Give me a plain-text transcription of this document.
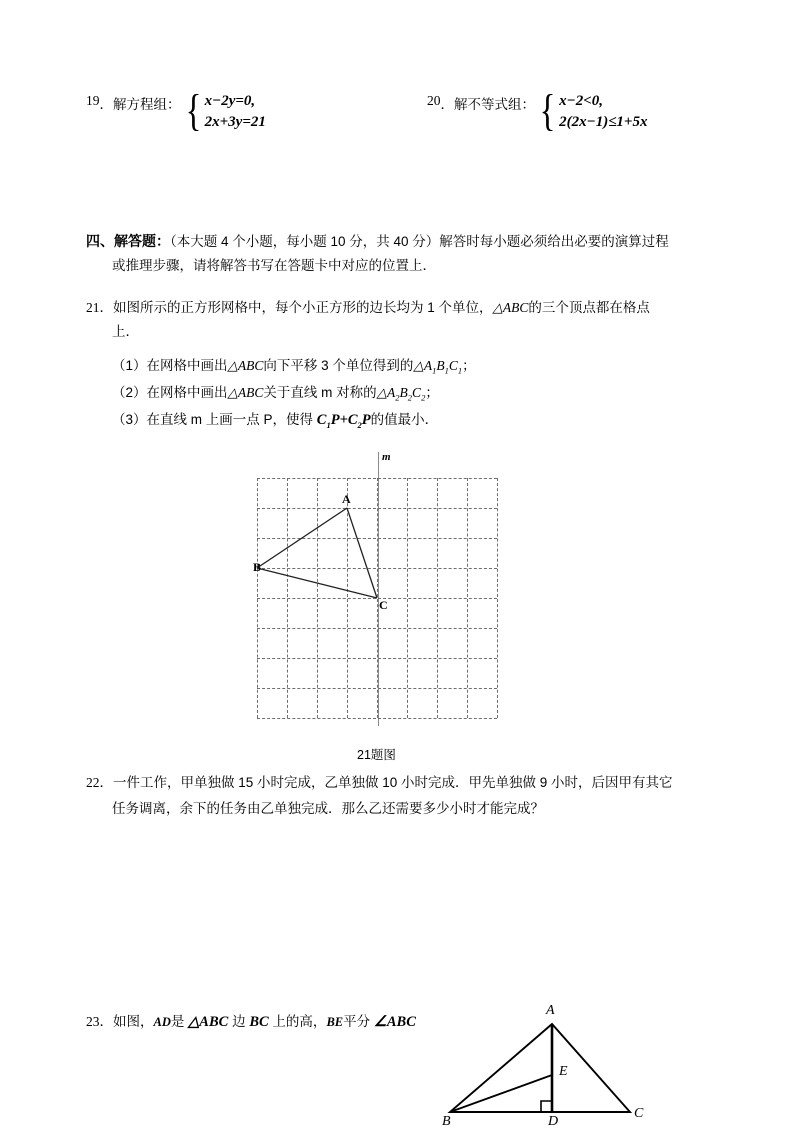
19 ．解方程组： { x−2y=0,
2x+3y=21
20 ．解不等式组： { x−2<0,
2(2x−1)≤1+5x
四、解答题：（本大题 4 个小题，每小题 10 分，共 40 分）解答时每小题必须给出必要的演算过程
或推理步骤，请将解答书写在答题卡中对应的位置上．
21．如图所示的正方形网格中，每个小正方形的边长均为 1 个单位，△ABC的三个顶点都在格点
上．
（1）在网格中画出△ABC向下平移 3 个单位得到的$\triangle A_1B_1C_1$；
（2）在网格中画出△ABC关于直线 m 对称的$\triangle A_2B_2C_2$；
（3）在直线 m 上画一点 P，使得 $C_1P+C_2P$的值最小．
m
A
B
C
21题图
22．一件工作，甲单独做 15 小时完成，乙单独做 10 小时完成．甲先单独做 9 小时，后因甲有其它
任务调离，余下的任务由乙单独完成．那么乙还需要多少小时才能完成？
23．如图，AD是 △ABC 边 BC 上的高，BE平分 ∠ABC
A
E
B	D
C
